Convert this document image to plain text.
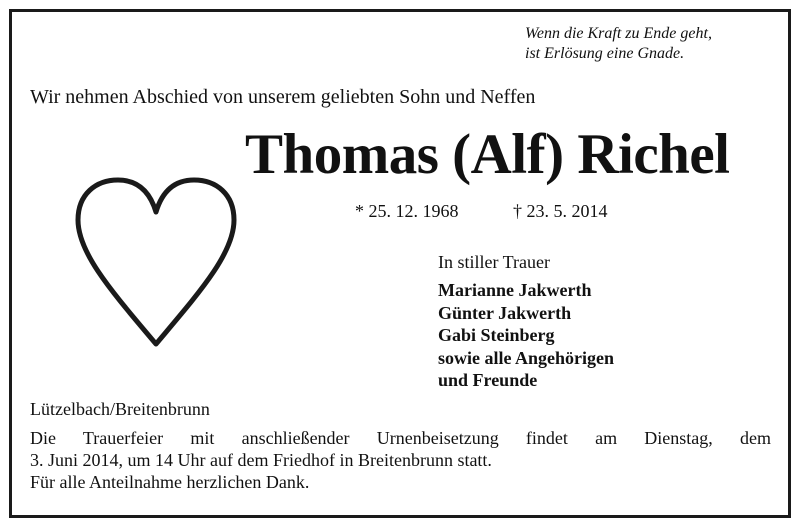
Wenn die Kraft zu Ende geht,
ist Erlösung eine Gnade.
Wir nehmen Abschied von unserem geliebten Sohn und Neffen
Thomas (Alf) Richel
* 25. 12. 1968	† 23. 5. 2014
In stiller Trauer
Marianne Jakwerth
Günter Jakwerth
Gabi Steinberg
sowie alle Angehörigen
und Freunde
Lützelbach/Breitenbrunn
Die Trauerfeier mit anschließender Urnenbeisetzung findet am Dienstag, dem
3. Juni 2014, um 14 Uhr auf dem Friedhof in Breitenbrunn statt.
Für alle Anteilnahme herzlichen Dank.
